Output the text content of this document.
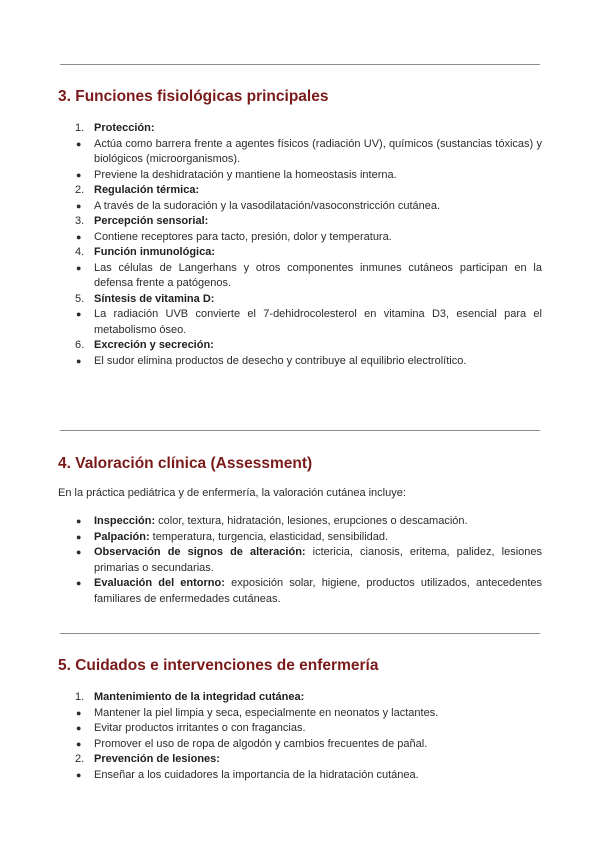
3. Funciones fisiológicas principales
1. Protección:
● Actúa como barrera frente a agentes físicos (radiación UV), químicos (sustancias tóxicas) y biológicos (microorganismos).
● Previene la deshidratación y mantiene la homeostasis interna.
2. Regulación térmica:
● A través de la sudoración y la vasodilatación/vasoconstricción cutánea.
3. Percepción sensorial:
● Contiene receptores para tacto, presión, dolor y temperatura.
4. Función inmunológica:
● Las células de Langerhans y otros componentes inmunes cutáneos participan en la defensa frente a patógenos.
5. Síntesis de vitamina D:
● La radiación UVB convierte el 7-dehidrocolesterol en vitamina D3, esencial para el metabolismo óseo.
6. Excreción y secreción:
● El sudor elimina productos de desecho y contribuye al equilibrio electrolítico.
4. Valoración clínica (Assessment)

En la práctica pediátrica y de enfermería, la valoración cutánea incluye:

● Inspección: color, textura, hidratación, lesiones, erupciones o descamación.
● Palpación: temperatura, turgencia, elasticidad, sensibilidad.
● Observación de signos de alteración: ictericia, cianosis, eritema, palidez, lesiones primarias o secundarias.
● Evaluación del entorno: exposición solar, higiene, productos utilizados, antecedentes familiares de enfermedades cutáneas.
5. Cuidados e intervenciones de enfermería
1. Mantenimiento de la integridad cutánea:
● Mantener la piel limpia y seca, especialmente en neonatos y lactantes.
● Evitar productos irritantes o con fragancias.
● Promover el uso de ropa de algodón y cambios frecuentes de pañal.
2. Prevención de lesiones:
● Enseñar a los cuidadores la importancia de la hidratación cutánea.
